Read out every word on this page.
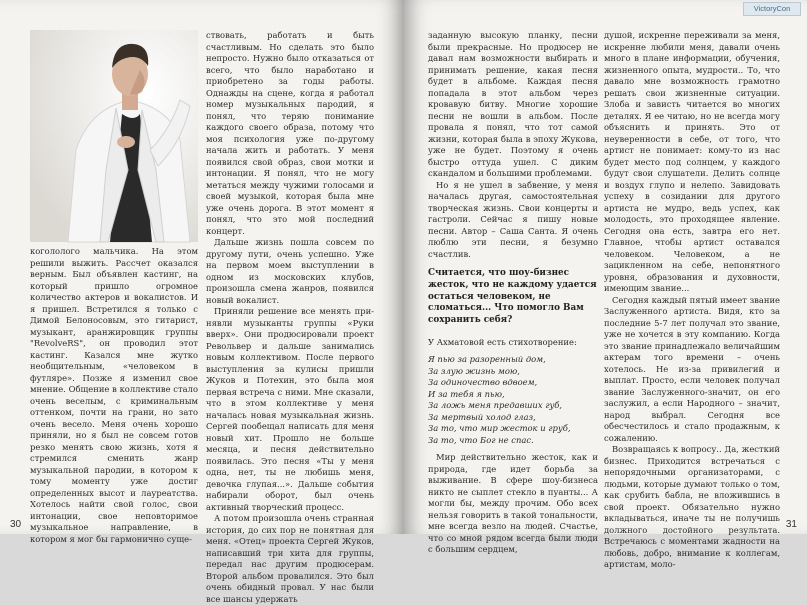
когололого мальчика. На этом решили выжить. Рассчет оказался верным. Был объявлен кастинг, на который пришло огромное количество актеров и вокалистов. И я пришел. Встретился я только с Димой Белоносовым, это гитарист, музыкант, аранжировщик группы "RevolveRS", он проводил этот кастинг. Казался мне жутко необщительным, «человеком в футляре». Позже я изменил свое мнение. Общение в коллективе стало очень веселым, с криминальным оттенком, почти на грани, но зато очень весело. Меня очень хорошо приняли, но я был не совсем готов резко менять свою жизнь, хотя я стремился сменить жанр музыкальной пародии, в котором к тому моменту уже достиг определенных высот и лауреатства. Хотелось найти свой голос, свои интонации, свое неповторимое музыкальное направление, в котором я мог бы гармонично суще-

ствовать, работать и быть счастливым. Но сделать это было непросто. Нужно было отказаться от всего, что было наработано и приобретено за годы работы. Однажды на сцене, когда я работал номер музыкальных пародий, я понял, что теряю понимание каждого своего образа, потому что моя психология уже по-другому начала жить и работать. У меня появился свой образ, свои мотки и интонации. Я понял, что не могу метаться между чужими голосами и своей музыкой, которая была мне уже очень дорога. В этот момент я понял, что это мой последний концерт.

Дальше жизнь пошла совсем по другому пути, очень успешно. Уже на первом моем выступлении в одном из московских клубов, произошла смена жанров, появился новый вокалист.

Приняли решение все менять при-нявли музыканты группы «Руки вверх». Они продюсировали проект Револьвер и дальше занимались новым коллективом. После первого выступления за кулисы пришли Жуков и Потехин, это была моя первая встреча с ними. Мне сказали, что в этом коллективе у меня началась новая музыкальная жизнь. Сергей пообещал написать для меня новый хит. Прошло не больше месяца, и песня действительно появилась. Это песня «Ты у меня одна, нет, ты не любишь меня, девочка глупая...». Дальше события набирали оборот, был очень активный творческий процесс.

А потом произошла очень странная история, до сих пор не понятная для меня. «Отец» проекта Сергей Жуков, написавший три хита для группы, передал нас другим продюсерам. Второй альбом провалился. Это был очень обидный провал. У нас были все шансы удержать

30
VictoryCon

заданную высокую планку, песни были прекрасные. Но продюсер не давал нам возможности выбирать и принимать решение, какая песня будет в альбоме. Каждая песня попадала в этот альбом через кровавую битву. Многие хорошие песни не вошли в альбом. После провала я понял, что тот самой жизни, которая была в эпоху Жукова, уже не будет. Поэтому я очень быстро оттуда ушел. С диким скандалом и большими проблемами.

Но я не ушел в забвение, у меня началась другая, самостоятельная творческая жизнь. Свои концерты и гастроли. Сейчас я пишу новые песни. Автор – Саша Санта. Я очень люблю эти песни, я безумно счастлив.

Считается, что шоу-бизнес жесток, что не каждому удается остаться человеком, не сломаться... Что помогло Вам сохранить себя?

У Ахматовой есть стихотворение:

Я пью за разоренный дом,

За злую жизнь мою,

За одиночество вдвоем,

И за тебя я пью,

За ложь меня предавших губ,

За мертвый холод глаз,

За то, что мир жесток и груб,

За то, что Бог не спас.

Мир действительно жесток, как и природа, где идет борьба за выживание. В сфере шоу-бизнеса никто не сыплет стекло в пуанты... А могли бы, между прочим. Обо всех нельзя говорить в такой тональности, мне всегда везло на людей. Счастье, что со мной рядом всегда были люди с большим сердцем,

душой, искренне переживали за меня, искренне любили меня, давали очень много в плане информации, обучения, жизненного опыта, мудрости.. То, что давало мне возможность грамотно решать свои жизненные ситуации. Злоба и зависть читается во многих деталях. Я ее читаю, но не всегда могу объяснить и принять. Это от неуверенности в себе, от того, что артист не понимает: кому-то из нас будет место под солнцем, у каждого будут свои слушатели. Делить солнце и воздух глупо и нелепо. Завидовать успеху в созидании для другого артиста не мудро, ведь успех, как молодость, это проходящее явление. Сегодня она есть, завтра его нет. Главное, чтобы артист оставался человеком. Человеком, а не зацикленном на себе, непонятного уровня, образования и духовности, имеющим звание...

Сегодня каждый пятый имеет звание Заслуженного артиста. Видя, кто за последние 5-7 лет получал это звание, уже не хочется в эту компанию. Когда это звание принадлежало величайшим актерам того времени – очень хотелось. Не из-за привилегий и выплат. Просто, если человек получал звание Заслуженного-значит, он его заслужил, а если Народного – значит, народ выбрал. Сегодня все обесчестилось и стало продажным, к сожалению.

Возвращаясь к вопросу.. Да, жесткий бизнес. Приходится встречаться с непорядочными организаторами, с людьми, которые думают только о том, как срубить бабла, не вложившись в свой проект. Обязательно нужно вкладываться, иначе ты не получишь должного достойного результата. Встречаюсь с моментами жадности на любовь, добро, внимание к коллегам, артистам, моло-

31
